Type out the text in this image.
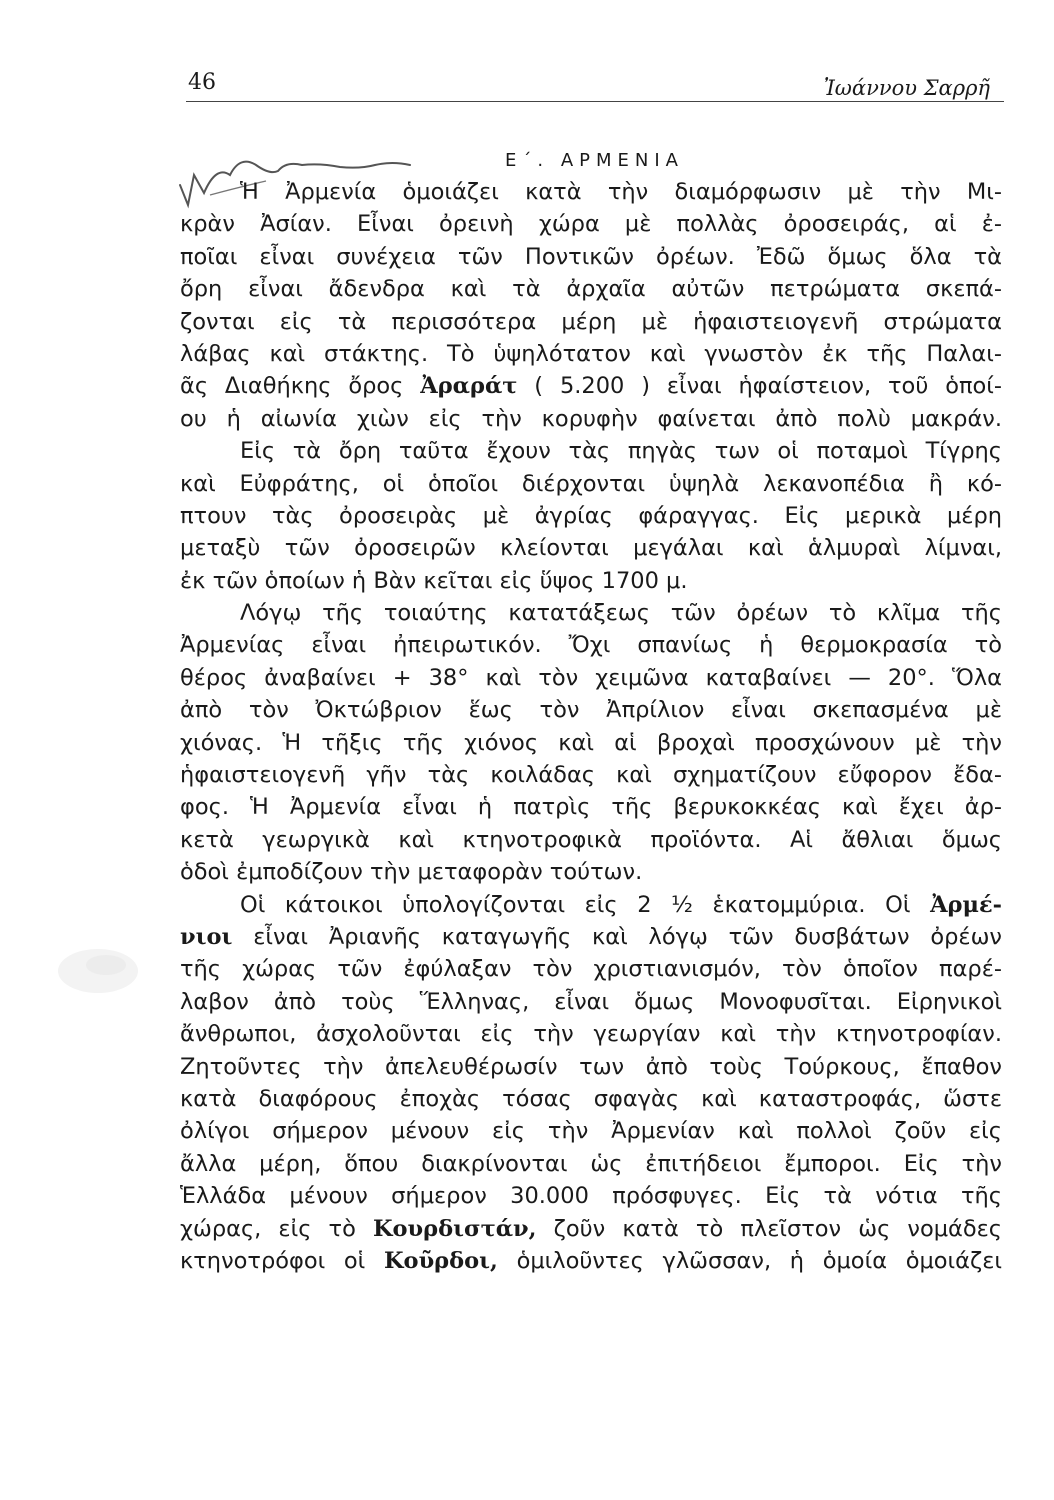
46	Ἰωάννου Σαρρῆ
Ε΄. ΑΡΜΕΝΙΑ
Ἡ Ἀρμενία ὁμοιάζει κατὰ τὴν διαμόρφωσιν μὲ τὴν Μι-
κρὰν Ἀσίαν. Εἶναι ὀρεινὴ χώρα μὲ πολλὰς ὀροσειράς, αἱ ἐ-
ποῖαι εἶναι συνέχεια τῶν Ποντικῶν ὀρέων. Ἐδῶ ὅμως ὅλα τὰ
ὄρη εἶναι ἄδενδρα καὶ τὰ ἀρχαῖα αὐτῶν πετρώματα σκεπά-
ζονται εἰς τὰ περισσότερα μέρη μὲ ἡφαιστειογενῆ στρώματα
λάβας καὶ στάκτης. Τὸ ὑψηλότατον καὶ γνωστὸν ἐκ τῆς Παλαι-
ᾶς Διαθήκης ὄρος Ἀραράτ ( 5.200 ) εἶναι ἡφαίστειον, τοῦ ὁποί-
ου ἡ αἰωνία χιὼν εἰς τὴν κορυφὴν φαίνεται ἀπὸ πολὺ μακράν.
Εἰς τὰ ὄρη ταῦτα ἔχουν τὰς πηγὰς των οἱ ποταμοὶ Τίγρης
καὶ Εὐφράτης, οἱ ὁποῖοι διέρχονται ὑψηλὰ λεκανοπέδια ἢ κό-
πτουν τὰς ὀροσειρὰς μὲ ἀγρίας φάραγγας. Εἰς μερικὰ μέρη
μεταξὺ τῶν ὀροσειρῶν κλείονται μεγάλαι καὶ ἁλμυραὶ λίμναι,
ἐκ τῶν ὁποίων ἡ Βὰν κεῖται εἰς ὕψος 1700 μ.
Λόγῳ τῆς τοιαύτης κατατάξεως τῶν ὀρέων τὸ κλῖμα τῆς
Ἀρμενίας εἶναι ἠπειρωτικόν. Ὄχι σπανίως ἡ θερμοκρασία τὸ
θέρος ἀναβαίνει + 38° καὶ τὸν χειμῶνα καταβαίνει — 20°. Ὅλα
ἀπὸ τὸν Ὀκτώβριον ἕως τὸν Ἀπρίλιον εἶναι σκεπασμένα μὲ
χιόνας. Ἡ τῆξις τῆς χιόνος καὶ αἱ βροχαὶ προσχώνουν μὲ τὴν
ἡφαιστειογενῆ γῆν τὰς κοιλάδας καὶ σχηματίζουν εὔφορον ἔδα-
φος. Ἡ Ἀρμενία εἶναι ἡ πατρὶς τῆς βερυκοκκέας καὶ ἔχει ἀρ-
κετὰ γεωργικὰ καὶ κτηνοτροφικὰ προϊόντα. Αἱ ἄθλιαι ὅμως
ὁδοὶ ἐμποδίζουν τὴν μεταφορὰν τούτων.
Οἱ κάτοικοι ὑπολογίζονται εἰς 2 ½ ἑκατομμύρια. Οἱ Ἀρμέ-
νιοι εἶναι Ἀριανῆς καταγωγῆς καὶ λόγῳ τῶν δυσβάτων ὀρέων
τῆς χώρας τῶν ἐφύλαξαν τὸν χριστιανισμόν, τὸν ὁποῖον παρέ-
λαβον ἀπὸ τοὺς Ἕλληνας, εἶναι ὅμως Μονοφυσῖται. Εἰρηνικοὶ
ἄνθρωποι, ἀσχολοῦνται εἰς τὴν γεωργίαν καὶ τὴν κτηνοτροφίαν.
Ζητοῦντες τὴν ἀπελευθέρωσίν των ἀπὸ τοὺς Τούρκους, ἔπαθον
κατὰ διαφόρους ἐποχὰς τόσας σφαγὰς καὶ καταστροφάς, ὥστε
ὀλίγοι σήμερον μένουν εἰς τὴν Ἀρμενίαν καὶ πολλοὶ ζοῦν εἰς
ἄλλα μέρη, ὅπου διακρίνονται ὡς ἐπιτήδειοι ἔμποροι. Εἰς τὴν
Ἑλλάδα μένουν σήμερον 30.000 πρόσφυγες. Εἰς τὰ νότια τῆς
χώρας, εἰς τὸ Κουρδιστάν, ζοῦν κατὰ τὸ πλεῖστον ὡς νομάδες
κτηνοτρόφοι οἱ Κοῦρδοι, ὁμιλοῦντες γλῶσσαν, ἡ ὁμοία ὁμοιάζει
